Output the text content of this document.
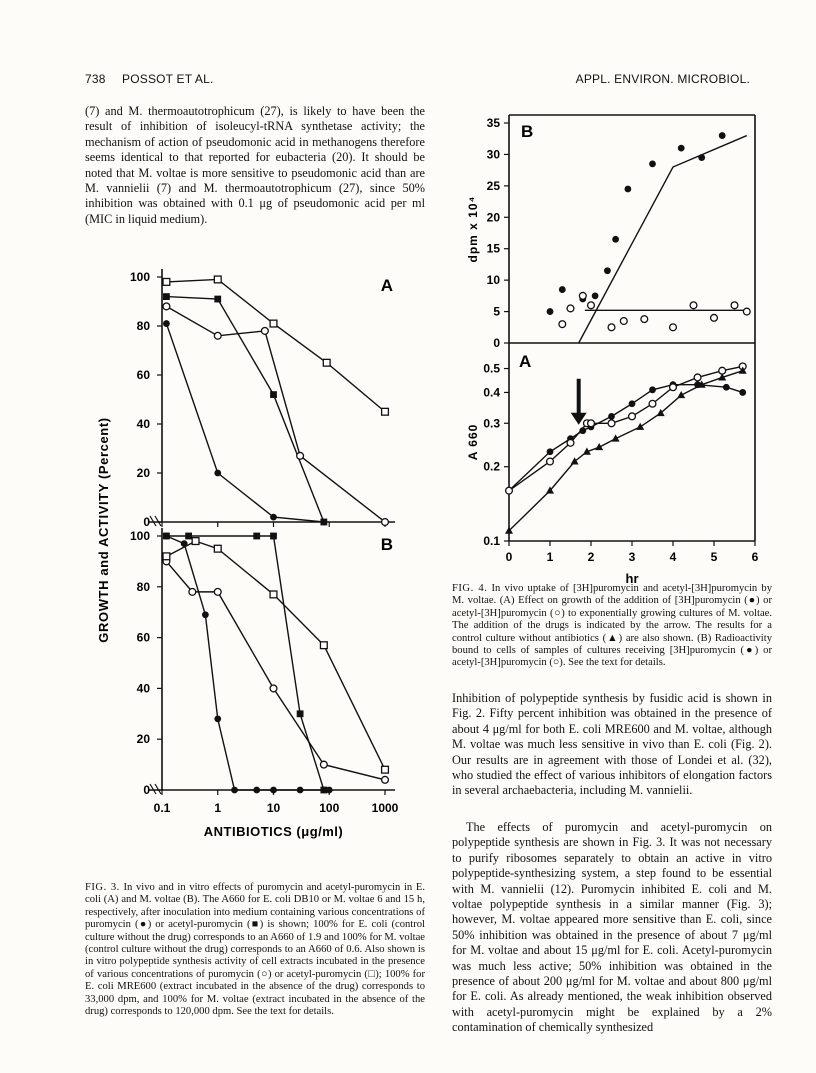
738 POSSOT ET AL.	APPL. ENVIRON. MICROBIOL.

(7) and M. thermoautotrophicum (27), is likely to have been the result of inhibition of isoleucyl-tRNA synthetase activity; the mechanism of action of pseudomonic acid in methanogens therefore seems identical to that reported for eubacteria (20). It should be noted that M. voltae is more sensitive to pseudomonic acid than are M. vannielii (7) and M. thermoautotrophicum (27), since 50% inhibition was obtained with 0.1 μg of pseudomonic acid per ml (MIC in liquid medium).

0
20
40
60
80
100	A
0
20
40
60
80
100	B
0.1	1	10	100	1000
ANTIBIOTICS (μg/ml)
GROWTH and ACTIVITY (Percent)

FIG. 3. In vivo and in vitro effects of puromycin and acetyl-puromycin in E. coli (A) and M. voltae (B). The A660 for E. coli DB10 or M. voltae 6 and 15 h, respectively, after inoculation into medium containing various concentrations of puromycin (●) or acetyl-puromycin (■) is shown; 100% for E. coli (control culture without the drug) corresponds to an A660 of 1.9 and 100% for M. voltae (control culture without the drug) corresponds to an A660 of 0.6. Also shown is in vitro polypeptide synthesis activity of cell extracts incubated in the presence of various concentrations of puromycin (○) or acetyl-puromycin (□); 100% for E. coli MRE600 (extract incubated in the absence of the drug) corresponds to 33,000 dpm, and 100% for M. voltae (extract incubated in the absence of the drug) corresponds to 120,000 dpm. See the text for details.

0
5
10
15
20
25
30
35 B
dpm x 10⁴
0.1
0.2
0.3
0.4
0.5
0	1	2	3	4	5	6
hr
A
A 660

FIG. 4. In vivo uptake of [3H]puromycin and acetyl-[3H]puromycin by M. voltae. (A) Effect on growth of the addition of [3H]puromycin (●) or acetyl-[3H]puromycin (○) to exponentially growing cultures of M. voltae. The addition of the drugs is indicated by the arrow. The results for a control culture without antibiotics (▲) are also shown. (B) Radioactivity bound to cells of samples of cultures receiving [3H]puromycin (●) or acetyl-[3H]puromycin (○). See the text for details.

Inhibition of polypeptide synthesis by fusidic acid is shown in Fig. 2. Fifty percent inhibition was obtained in the presence of about 4 μg/ml for both E. coli MRE600 and M. voltae, although M. voltae was much less sensitive in vivo than E. coli (Fig. 2). Our results are in agreement with those of Londei et al. (32), who studied the effect of various inhibitors of elongation factors in several archaebacteria, including M. vannielii.

The effects of puromycin and acetyl-puromycin on polypeptide synthesis are shown in Fig. 3. It was not necessary to purify ribosomes separately to obtain an active in vitro polypeptide-synthesizing system, a step found to be essential with M. vannielii (12). Puromycin inhibited E. coli and M. voltae polypeptide synthesis in a similar manner (Fig. 3); however, M. voltae appeared more sensitive than E. coli, since 50% inhibition was obtained in the presence of about 7 μg/ml for M. voltae and about 15 μg/ml for E. coli. Acetyl-puromycin was much less active; 50% inhibition was obtained in the presence of about 200 μg/ml for M. voltae and about 800 μg/ml for E. coli. As already mentioned, the weak inhibition observed with acetyl-puromycin might be explained by a 2% contamination of chemically synthesized
